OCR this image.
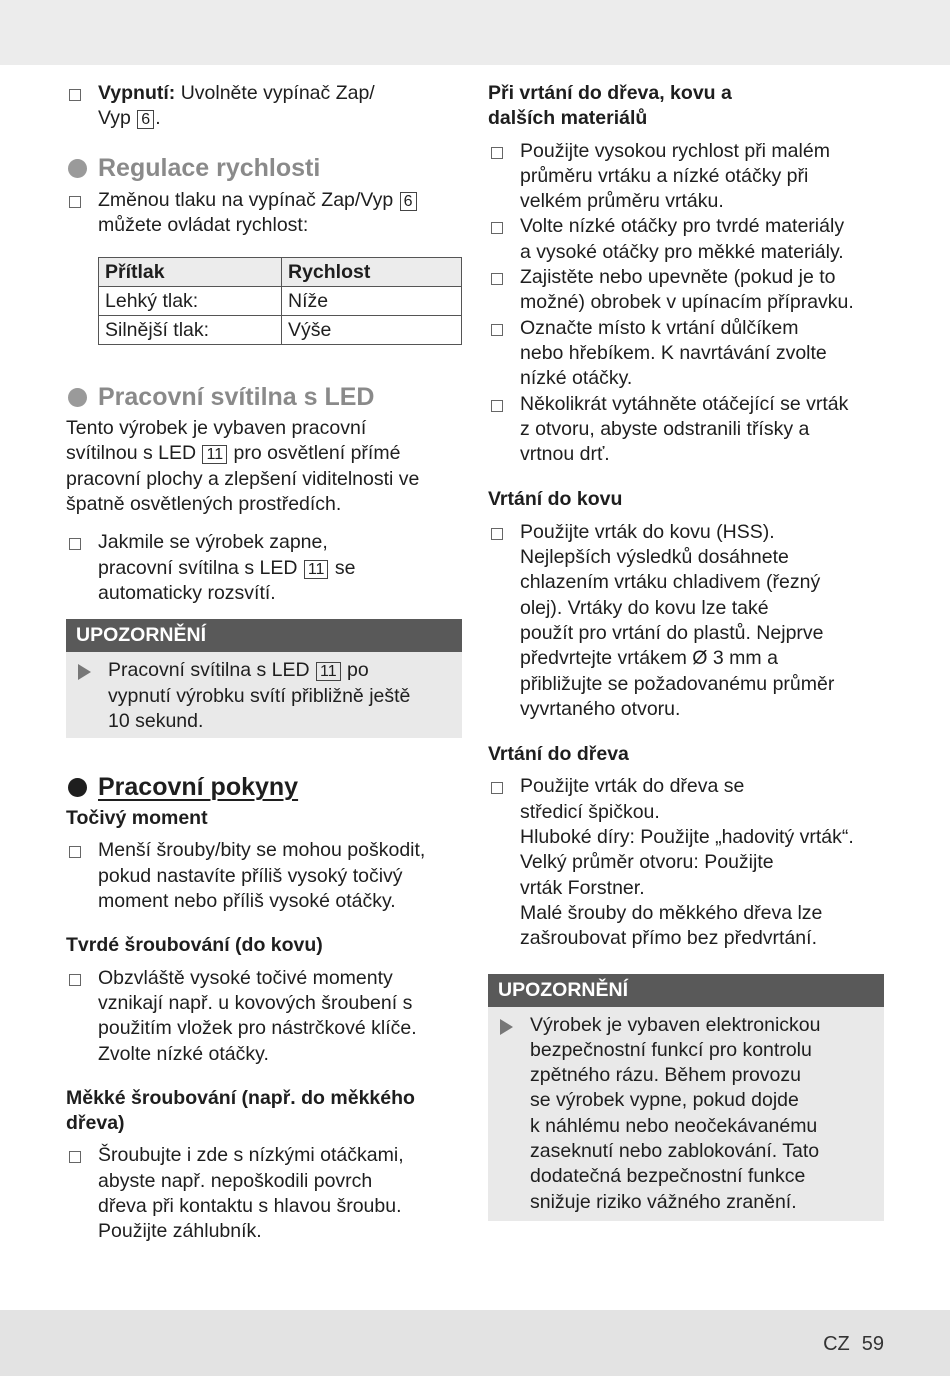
Vypnutí: Uvolněte vypínač Zap/
Vyp 6 .
Regulace rychlosti
Změnou tlaku na vypínač Zap/Vyp 6
můžete ovládat rychlost:
Přítlak	Rychlost
Lehký tlak:	Níže
Silnější tlak:	Výše
Pracovní svítilna s LED

Tento výrobek je vybaven pracovní
svítilnou s LED 11 pro osvětlení přímé
pracovní plochy a zlepšení viditelnosti ve
špatně osvětlených prostředích.

Jakmile se výrobek zapne,
pracovní svítilna s LED 11 se
automaticky rozsvítí.
UPOZORNĚNÍ
Pracovní svítilna s LED 11 po
vypnutí výrobku svítí přibližně ještě
10 sekund.
Pracovní pokyny
Točivý moment
Menší šrouby/bity se mohou poškodit,
pokud nastavíte příliš vysoký točivý
moment nebo příliš vysoké otáčky.
Tvrdé šroubování (do kovu)
Obzvláště vysoké točivé momenty
vznikají např. u kovových šroubení s
použitím vložek pro nástrčkové klíče.
Zvolte nízké otáčky.
Měkké šroubování (např. do měkkého
dřeva)
Šroubujte i zde s nízkými otáčkami,
abyste např. nepoškodili povrch
dřeva při kontaktu s hlavou šroubu.
Použijte záhlubník.
Při vrtání do dřeva, kovu a
dalších materiálů
Použijte vysokou rychlost při malém
průměru vrtáku a nízké otáčky při
velkém průměru vrtáku.
Volte nízké otáčky pro tvrdé materiály
a vysoké otáčky pro měkké materiály.
Zajistěte nebo upevněte (pokud je to
možné) obrobek v upínacím přípravku.
Označte místo k vrtání důlčíkem
nebo hřebíkem. K navrtávání zvolte
nízké otáčky.
Několikrát vytáhněte otáčející se vrták
z otvoru, abyste odstranili třísky a
vrtnou drť.
Vrtání do kovu
Použijte vrták do kovu (HSS).
Nejlepších výsledků dosáhnete
chlazením vrtáku chladivem (řezný
olej). Vrtáky do kovu lze také
použít pro vrtání do plastů. Nejprve
předvrtejte vrtákem Ø 3 mm a
přibližujte se požadovanému průměr
vyvrtaného otvoru.
Vrtání do dřeva
Použijte vrták do dřeva se
středicí špičkou.
Hluboké díry: Použijte „hadovitý vrták“.
Velký průměr otvoru: Použijte
vrták Forstner.
Malé šrouby do měkkého dřeva lze
zašroubovat přímo bez předvrtání.
UPOZORNĚNÍ
Výrobek je vybaven elektronickou
bezpečnostní funkcí pro kontrolu
zpětného rázu. Během provozu
se výrobek vypne, pokud dojde
k náhlému nebo neočekávanému
zaseknutí nebo zablokování. Tato
dodatečná bezpečnostní funkce
snižuje riziko vážného zranění.
CZ 59
